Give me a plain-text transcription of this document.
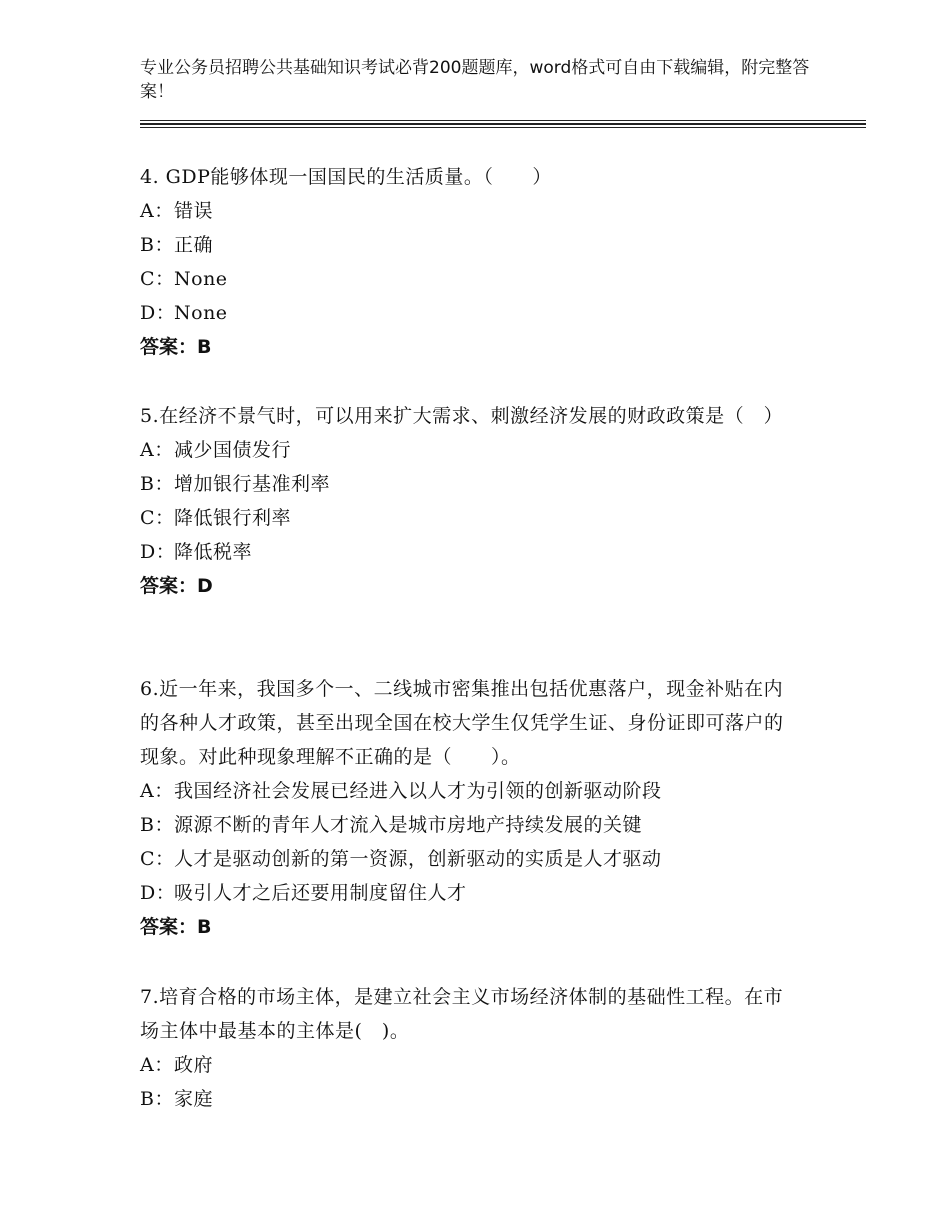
专业公务员招聘公共基础知识考试必背200题题库，word格式可自由下载编辑，附完整答案！
4. GDP能够体现一国国民的生活质量。（　　）
A：错误
B：正确
C：None
D：None
答案：B
5.在经济不景气时，可以用来扩大需求、刺激经济发展的财政政策是（　）
A：减少国债发行
B：增加银行基准利率
C：降低银行利率
D：降低税率
答案：D
6.近一年来，我国多个一、二线城市密集推出包括优惠落户，现金补贴在内的各种人才政策，甚至出现全国在校大学生仅凭学生证、身份证即可落户的现象。对此种现象理解不正确的是（　　）。
A：我国经济社会发展已经进入以人才为引领的创新驱动阶段
B：源源不断的青年人才流入是城市房地产持续发展的关键
C：人才是驱动创新的第一资源，创新驱动的实质是人才驱动
D：吸引人才之后还要用制度留住人才
答案：B
7.培育合格的市场主体，是建立社会主义市场经济体制的基础性工程。在市场主体中最基本的主体是(　)。
A：政府
B：家庭
